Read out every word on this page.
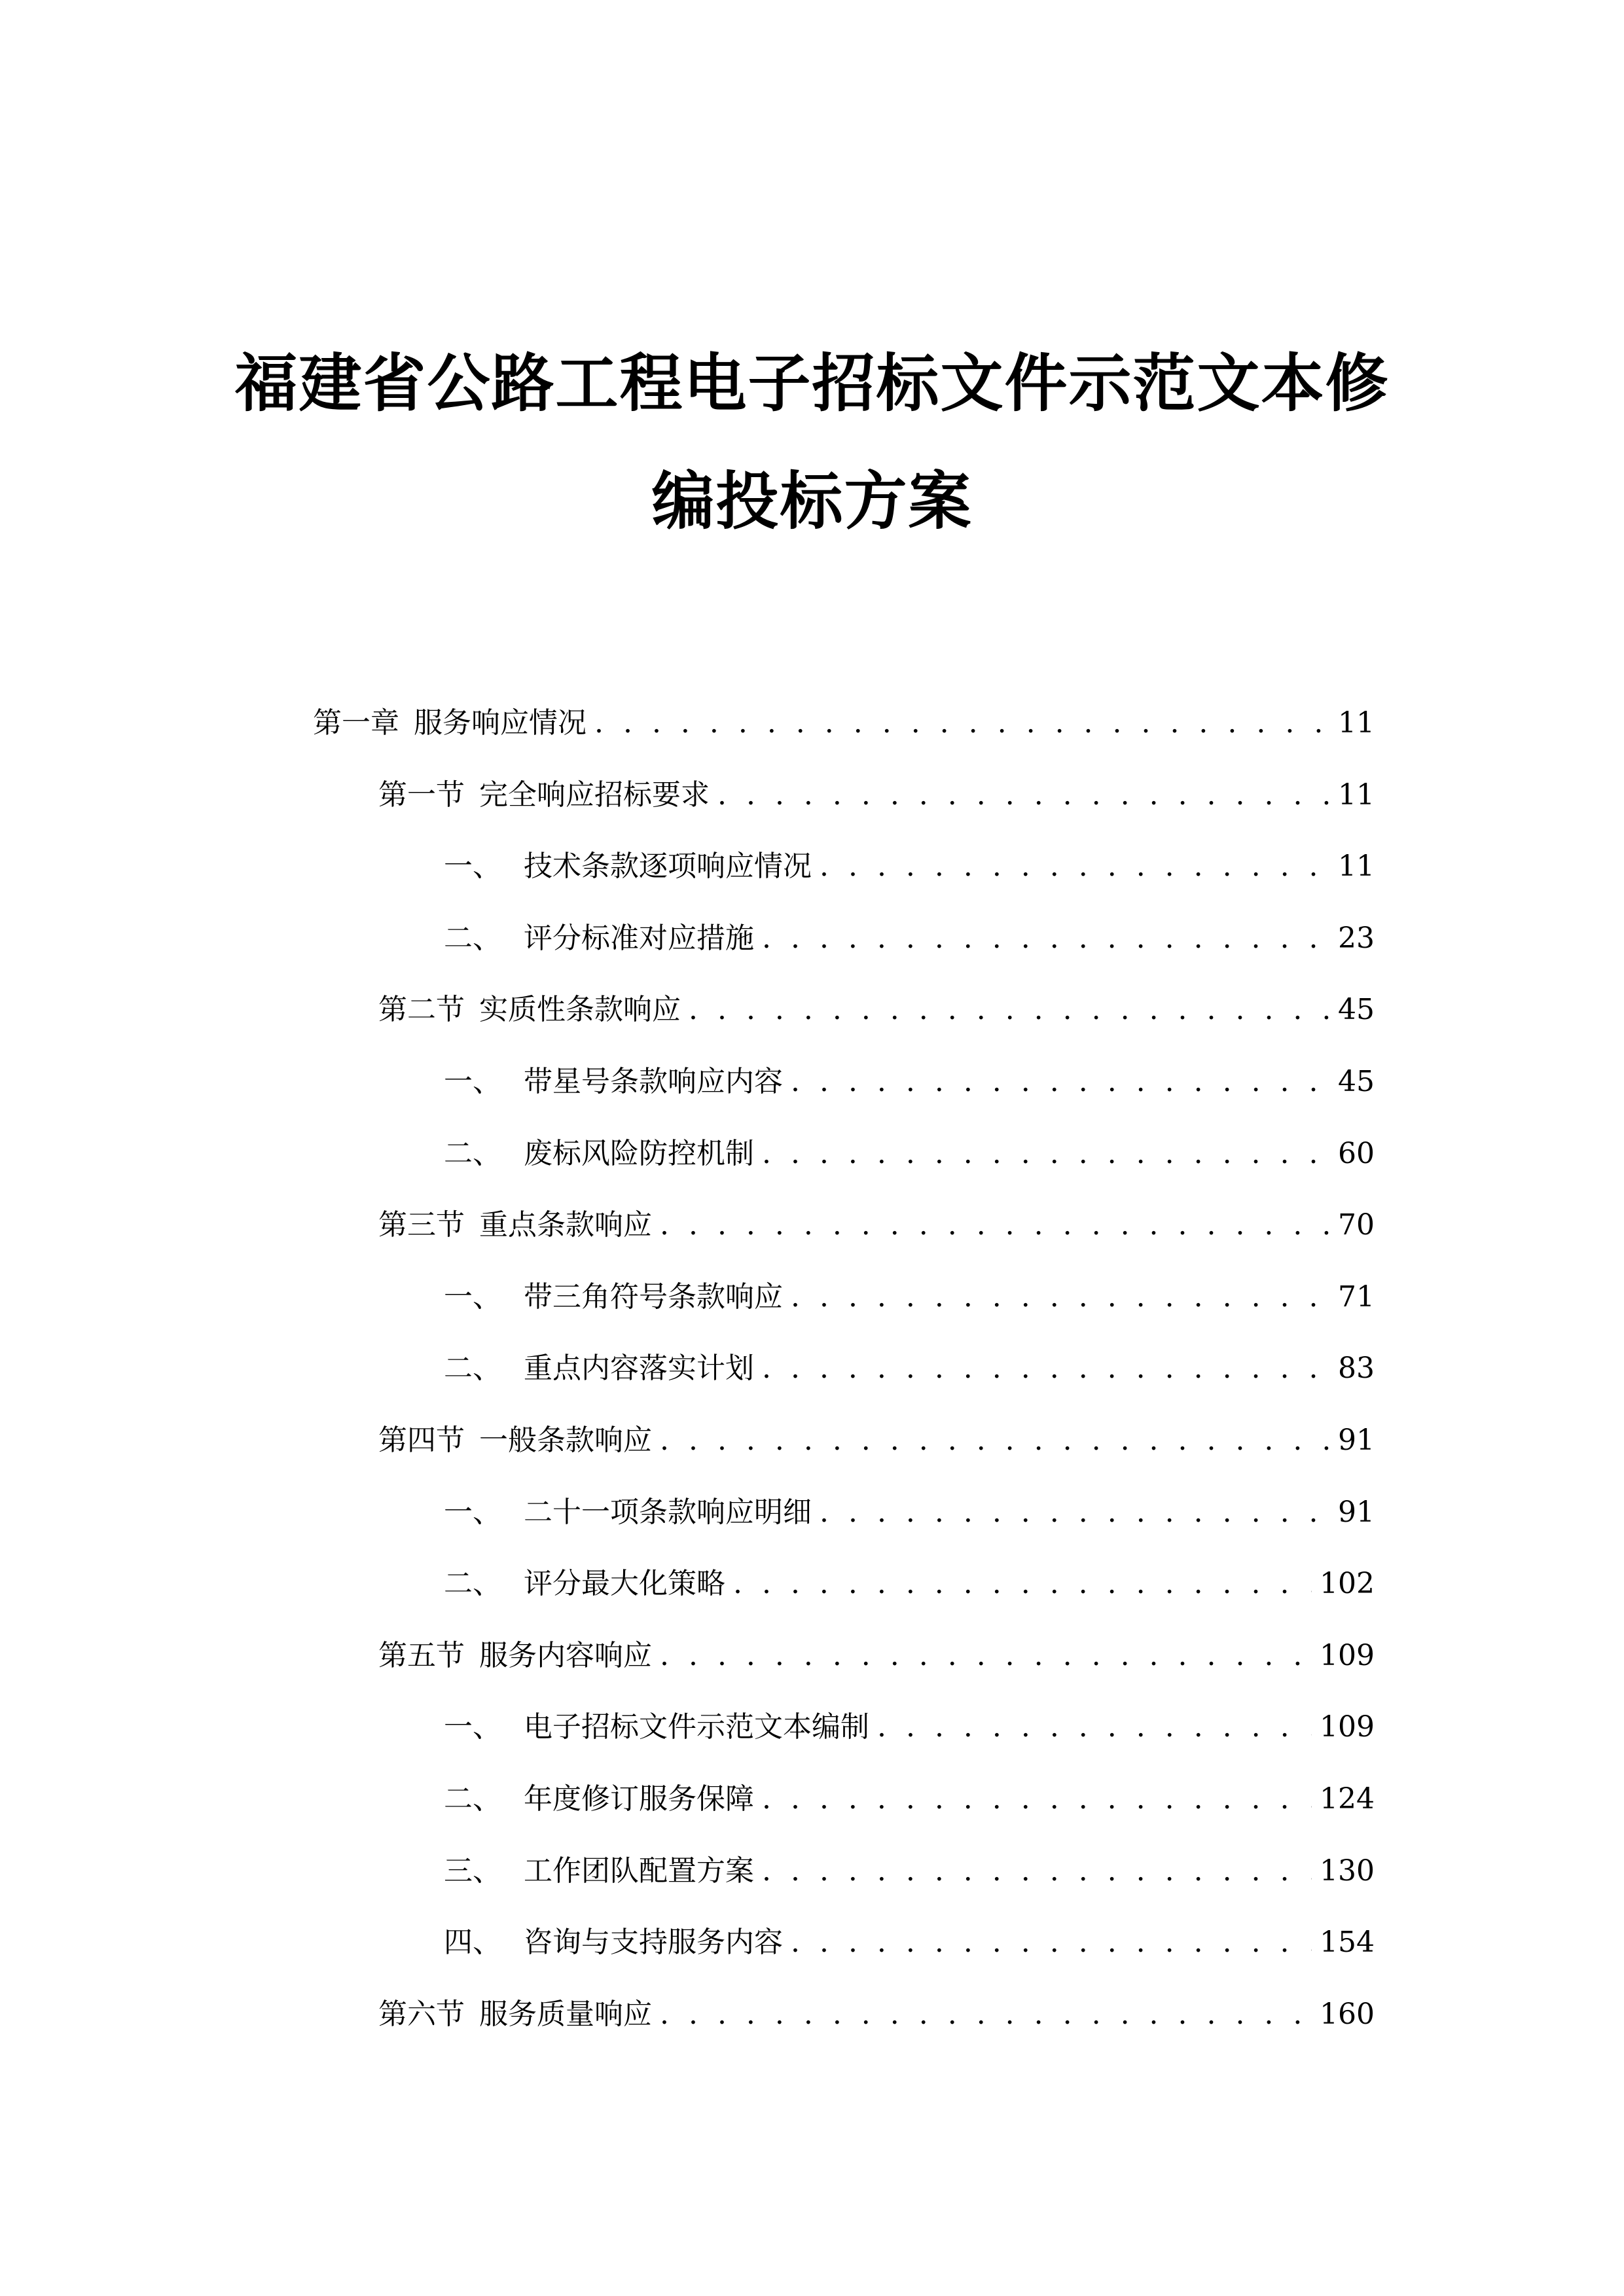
福建省公路工程电子招标文件示范文本修
编投标方案
第一章 服务响应情况 . . .	11
第一节 完全响应招标要求 . . .	11
一、 技术条款逐项响应情况 . . .	11
二、 评分标准对应措施 . . .	23
第二节 实质性条款响应 . . .	45
一、 带星号条款响应内容 . . .	45
二、 废标风险防控机制 . . .	60
第三节 重点条款响应 . . .	70
一、 带三角符号条款响应 . . .	71
二、 重点内容落实计划 . . .	83
第四节 一般条款响应 . . .	91
一、 二十一项条款响应明细 . . .	91
二、 评分最大化策略 . . .	102
第五节 服务内容响应 . . .	109
一、 电子招标文件示范文本编制 . . .	109
二、 年度修订服务保障 . . .	124
三、 工作团队配置方案 . . .	130
四、 咨询与支持服务内容 . . .	154
第六节 服务质量响应 . . .	160
